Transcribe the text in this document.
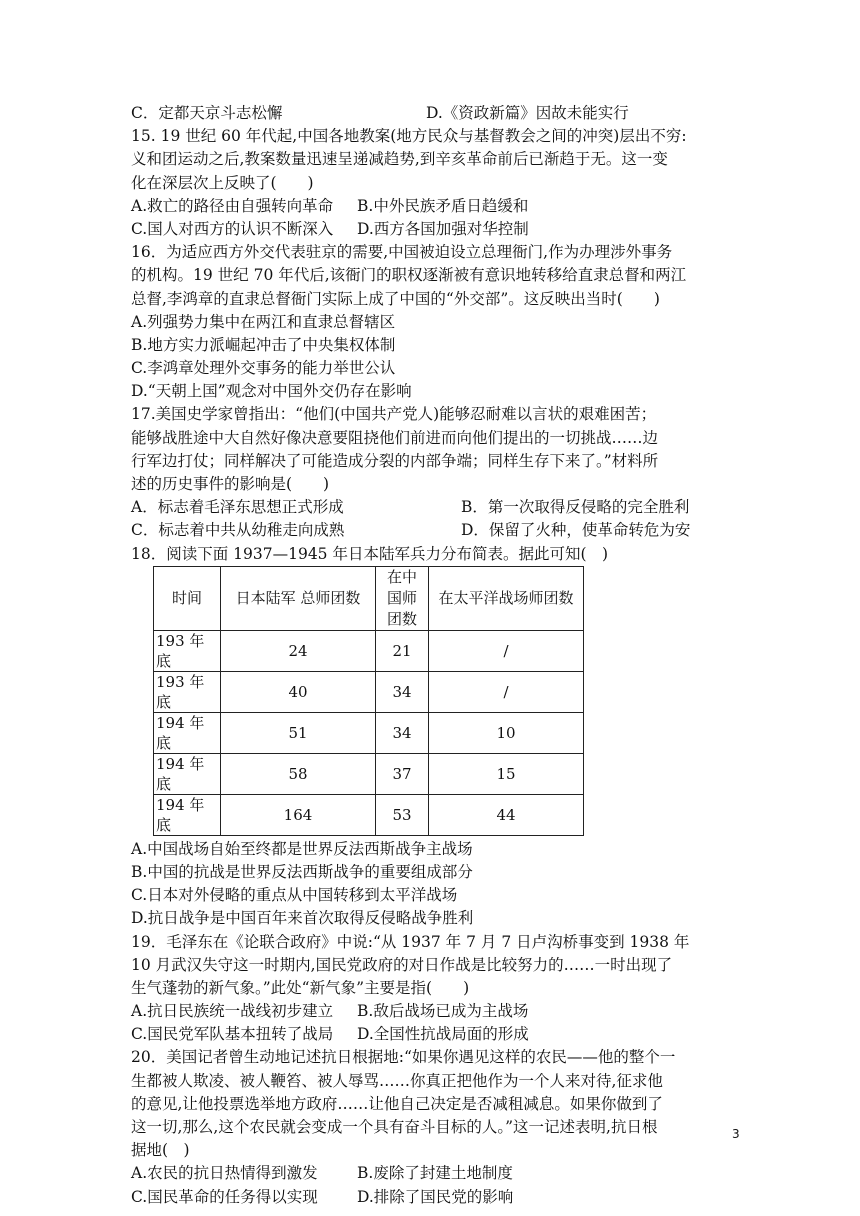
C．定都天京斗志松懈	D.《资政新篇》因故未能实行
15. 19 世纪 60 年代起,中国各地教案(地方民众与基督教会之间的冲突)层出不穷:
义和团运动之后,教案数量迅速呈递减趋势,到辛亥革命前后已渐趋于无。这一变
化在深层次上反映了(　　)
A.救亡的路径由自强转向革命	B.中外民族矛盾日趋缓和
C.国人对西方的认识不断深入	D.西方各国加强对华控制
16．为适应西方外交代表驻京的需要,中国被迫设立总理衙门,作为办理涉外事务
的机构。19 世纪 70 年代后,该衙门的职权逐渐被有意识地转移给直隶总督和两江
总督,李鸿章的直隶总督衙门实际上成了中国的“外交部”。这反映出当时(　　)
A.列强势力集中在两江和直隶总督辖区
B.地方实力派崛起冲击了中央集权体制
C.李鸿章处理外交事务的能力举世公认
D.“天朝上国”观念对中国外交仍存在影响
17.美国史学家曾指出：“他们(中国共产党人)能够忍耐难以言状的艰难困苦；
能够战胜途中大自然好像决意要阻挠他们前进而向他们提出的一切挑战……边
行军边打仗；同样解决了可能造成分裂的内部争端；同样生存下来了。”材料所
述的历史事件的影响是(　　)
A．标志着毛泽东思想正式形成	B．第一次取得反侵略的完全胜利
C．标志着中共从幼稚走向成熟	D．保留了火种，使革命转危为安
18．阅读下面 1937—1945 年日本陆军兵力分布简表。据此可知(　)
时间	日本陆军 总师团数	在中国师团数	在太平洋战场师团数
193 年底	24	21	/
193 年底	40	34	/
194 年底	51	34	10
194 年底	58	37	15
194 年底	164	53	44
A.中国战场自始至终都是世界反法西斯战争主战场
B.中国的抗战是世界反法西斯战争的重要组成部分
C.日本对外侵略的重点从中国转移到太平洋战场
D.抗日战争是中国百年来首次取得反侵略战争胜利
19．毛泽东在《论联合政府》中说:“从 1937 年 7 月 7 日卢沟桥事变到 1938 年
10 月武汉失守这一时期内,国民党政府的对日作战是比较努力的……一时出现了
生气蓬勃的新气象。”此处“新气象”主要是指(　　)
A.抗日民族统一战线初步建立	B.敌后战场已成为主战场
C.国民党军队基本扭转了战局	D.全国性抗战局面的形成
20．美国记者曾生动地记述抗日根据地:“如果你遇见这样的农民——他的整个一
生都被人欺凌、被人鞭笞、被人辱骂……你真正把他作为一个人来对待,征求他
的意见,让他投票选举地方政府……让他自己决定是否减租减息。如果你做到了
这一切,那么,这个农民就会变成一个具有奋斗目标的人。”这一记述表明,抗日根
据地(　)
A.农民的抗日热情得到激发	B.废除了封建土地制度
C.国民革命的任务得以实现	D.排除了国民党的影响
3
